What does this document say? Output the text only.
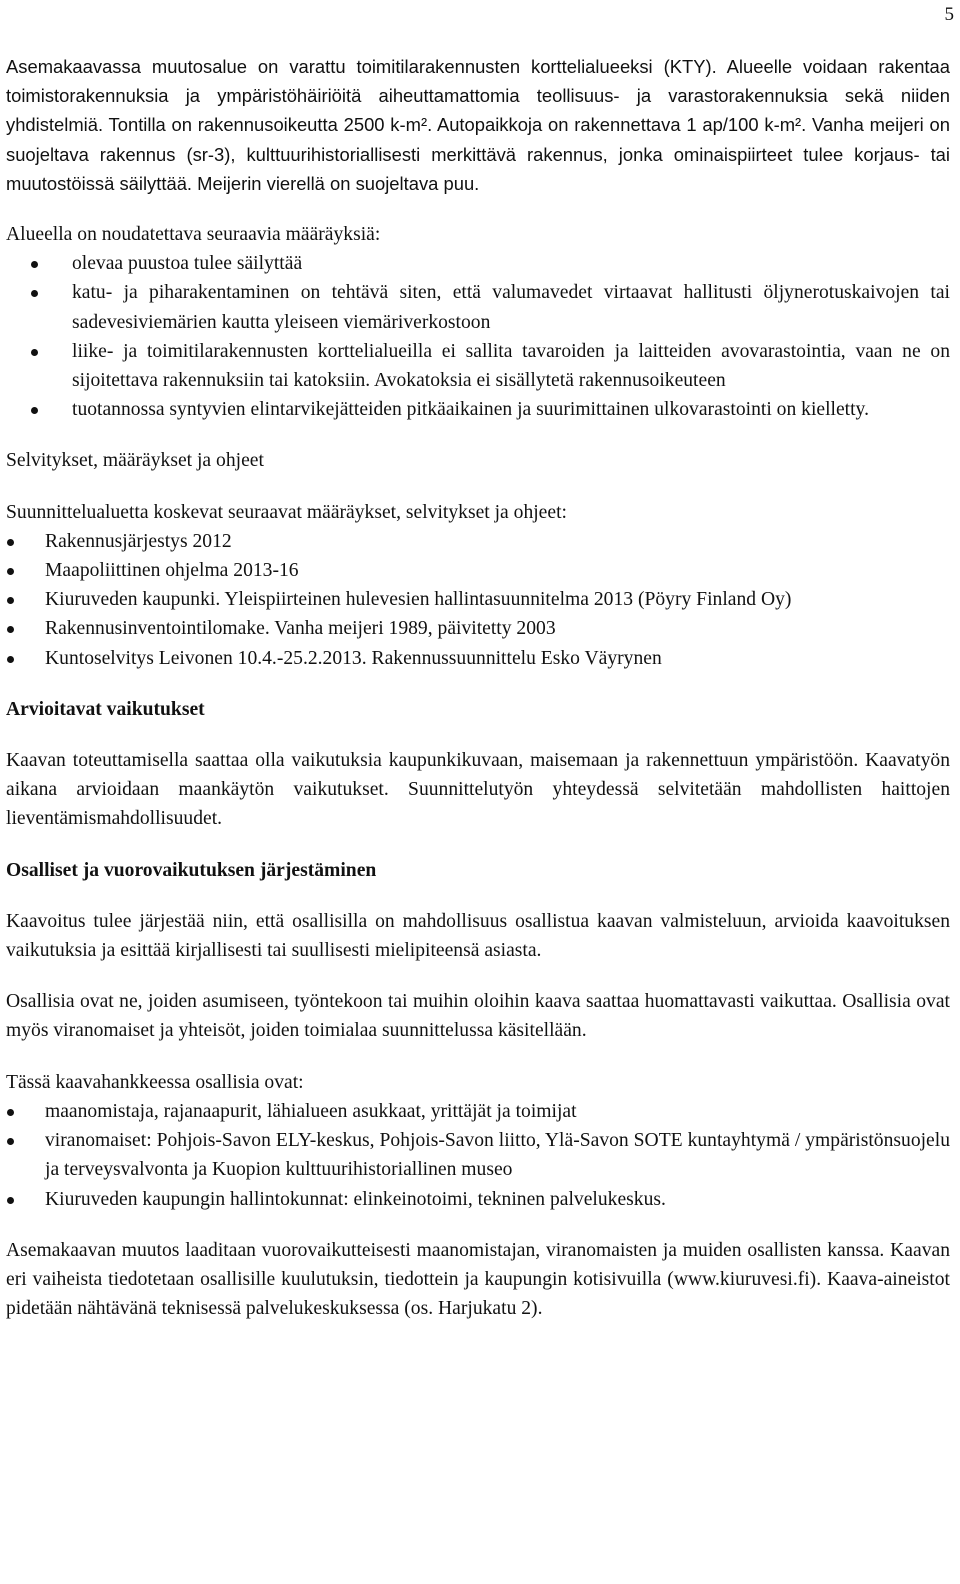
5

Asemakaavassa muutosalue on varattu toimitilarakennusten korttelialueeksi (KTY). Alueelle voidaan rakentaa toimistorakennuksia ja ympäristöhäiriöitä aiheuttamattomia teollisuus- ja varastorakennuksia sekä niiden yhdistelmiä. Tontilla on rakennusoikeutta 2500 k-m². Autopaikkoja on rakennettava 1 ap/100 k-m². Vanha meijeri on suojeltava rakennus (sr-3), kulttuurihistoriallisesti merkittävä rakennus, jonka ominaispiirteet tulee korjaus- tai muutostöissä säilyttää. Meijerin vierellä on suojeltava puu.

Alueella on noudatettava seuraavia määräyksiä:

olevaa puustoa tulee säilyttää
katu- ja piharakentaminen on tehtävä siten, että valumavedet virtaavat hallitusti öljynerotuskaivojen tai sadevesiviemärien kautta yleiseen viemäriverkostoon
liike- ja toimitilarakennusten korttelialueilla ei sallita tavaroiden ja laitteiden avovarastointia, vaan ne on sijoitettava rakennuksiin tai katoksiin. Avokatoksia ei sisällytetä rakennusoikeuteen
tuotannossa syntyvien elintarvikejätteiden pitkäaikainen ja suurimittainen ulkovarastointi on kielletty.

Selvitykset, määräykset ja ohjeet

Suunnittelualuetta koskevat seuraavat määräykset, selvitykset ja ohjeet:

Rakennusjärjestys 2012
Maapoliittinen ohjelma 2013-16
Kiuruveden kaupunki. Yleispiirteinen hulevesien hallintasuunnitelma 2013 (Pöyry Finland Oy)
Rakennusinventointilomake. Vanha meijeri 1989, päivitetty 2003
Kuntoselvitys Leivonen 10.4.-25.2.2013. Rakennussuunnittelu Esko Väyrynen
Arvioitavat vaikutukset

Kaavan toteuttamisella saattaa olla vaikutuksia kaupunkikuvaan, maisemaan ja rakennettuun ympäristöön. Kaavatyön aikana arvioidaan maankäytön vaikutukset. Suunnittelutyön yhteydessä selvitetään mahdollisten haittojen lieventämismahdollisuudet.

Osalliset ja vuorovaikutuksen järjestäminen

Kaavoitus tulee järjestää niin, että osallisilla on mahdollisuus osallistua kaavan valmisteluun, arvioida kaavoituksen vaikutuksia ja esittää kirjallisesti tai suullisesti mielipiteensä asiasta.

Osallisia ovat ne, joiden asumiseen, työntekoon tai muihin oloihin kaava saattaa huomattavasti vaikuttaa. Osallisia ovat myös viranomaiset ja yhteisöt, joiden toimialaa suunnittelussa käsitellään.

Tässä kaavahankkeessa osallisia ovat:

maanomistaja, rajanaapurit, lähialueen asukkaat, yrittäjät ja toimijat
viranomaiset: Pohjois-Savon ELY-keskus, Pohjois-Savon liitto, Ylä-Savon SOTE kuntayhtymä / ympäristönsuojelu ja terveysvalvonta ja Kuopion kulttuurihistoriallinen museo
Kiuruveden kaupungin hallintokunnat: elinkeinotoimi, tekninen palvelukeskus.

Asemakaavan muutos laaditaan vuorovaikutteisesti maanomistajan, viranomaisten ja muiden osallisten kanssa. Kaavan eri vaiheista tiedotetaan osallisille kuulutuksin, tiedottein ja kaupungin kotisivuilla (www.kiuruvesi.fi). Kaava-aineistot pidetään nähtävänä teknisessä palvelukeskuksessa (os. Harjukatu 2).
